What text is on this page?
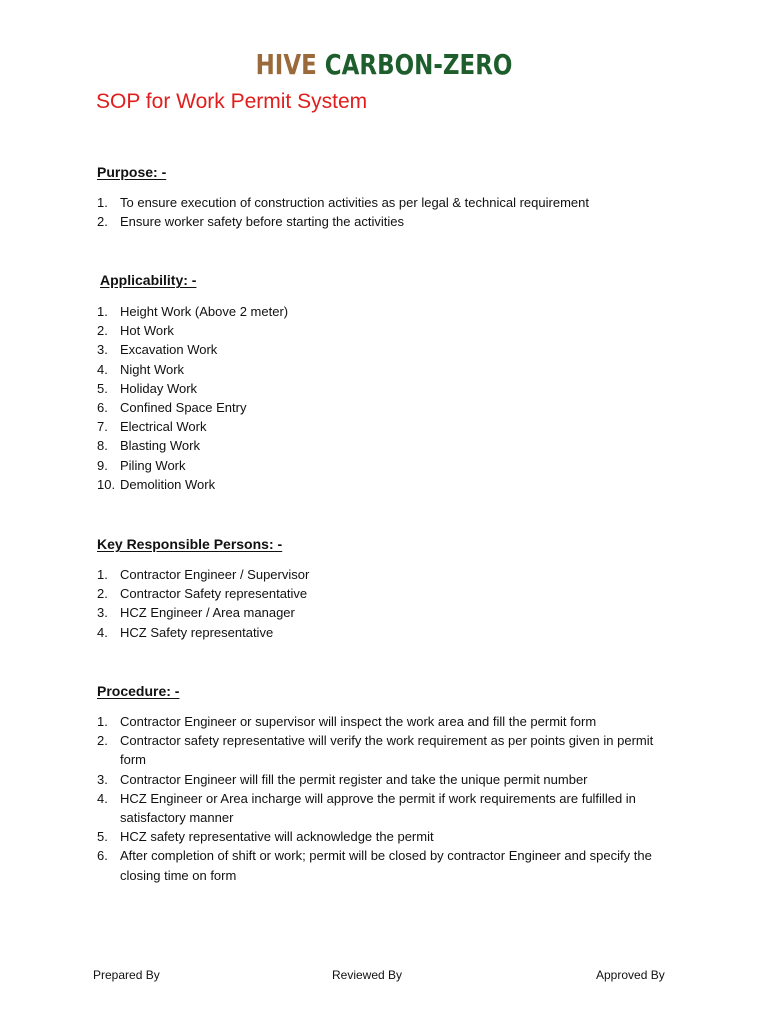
HIVE CARBON-ZERO
SOP for Work Permit System
Purpose: -
1. To ensure execution of construction activities as per legal & technical requirement
2. Ensure worker safety before starting the activities
Applicability: -
1. Height Work (Above 2 meter)
2. Hot Work
3. Excavation Work
4. Night Work
5. Holiday Work
6. Confined Space Entry
7. Electrical Work
8. Blasting Work
9. Piling Work
10. Demolition Work
Key Responsible Persons: -
1. Contractor Engineer / Supervisor
2. Contractor Safety representative
3. HCZ Engineer / Area manager
4. HCZ Safety representative
Procedure: -
1. Contractor Engineer or supervisor will inspect the work area and fill the permit form
2. Contractor safety representative will verify the work requirement as per points given in permit form
3. Contractor Engineer will fill the permit register and take the unique permit number
4. HCZ Engineer or Area incharge will approve the permit if work requirements are fulfilled in satisfactory manner
5. HCZ safety representative will acknowledge the permit
6. After completion of shift or work; permit will be closed by contractor Engineer and specify the closing time on form
Prepared By	Reviewed By	Approved By
